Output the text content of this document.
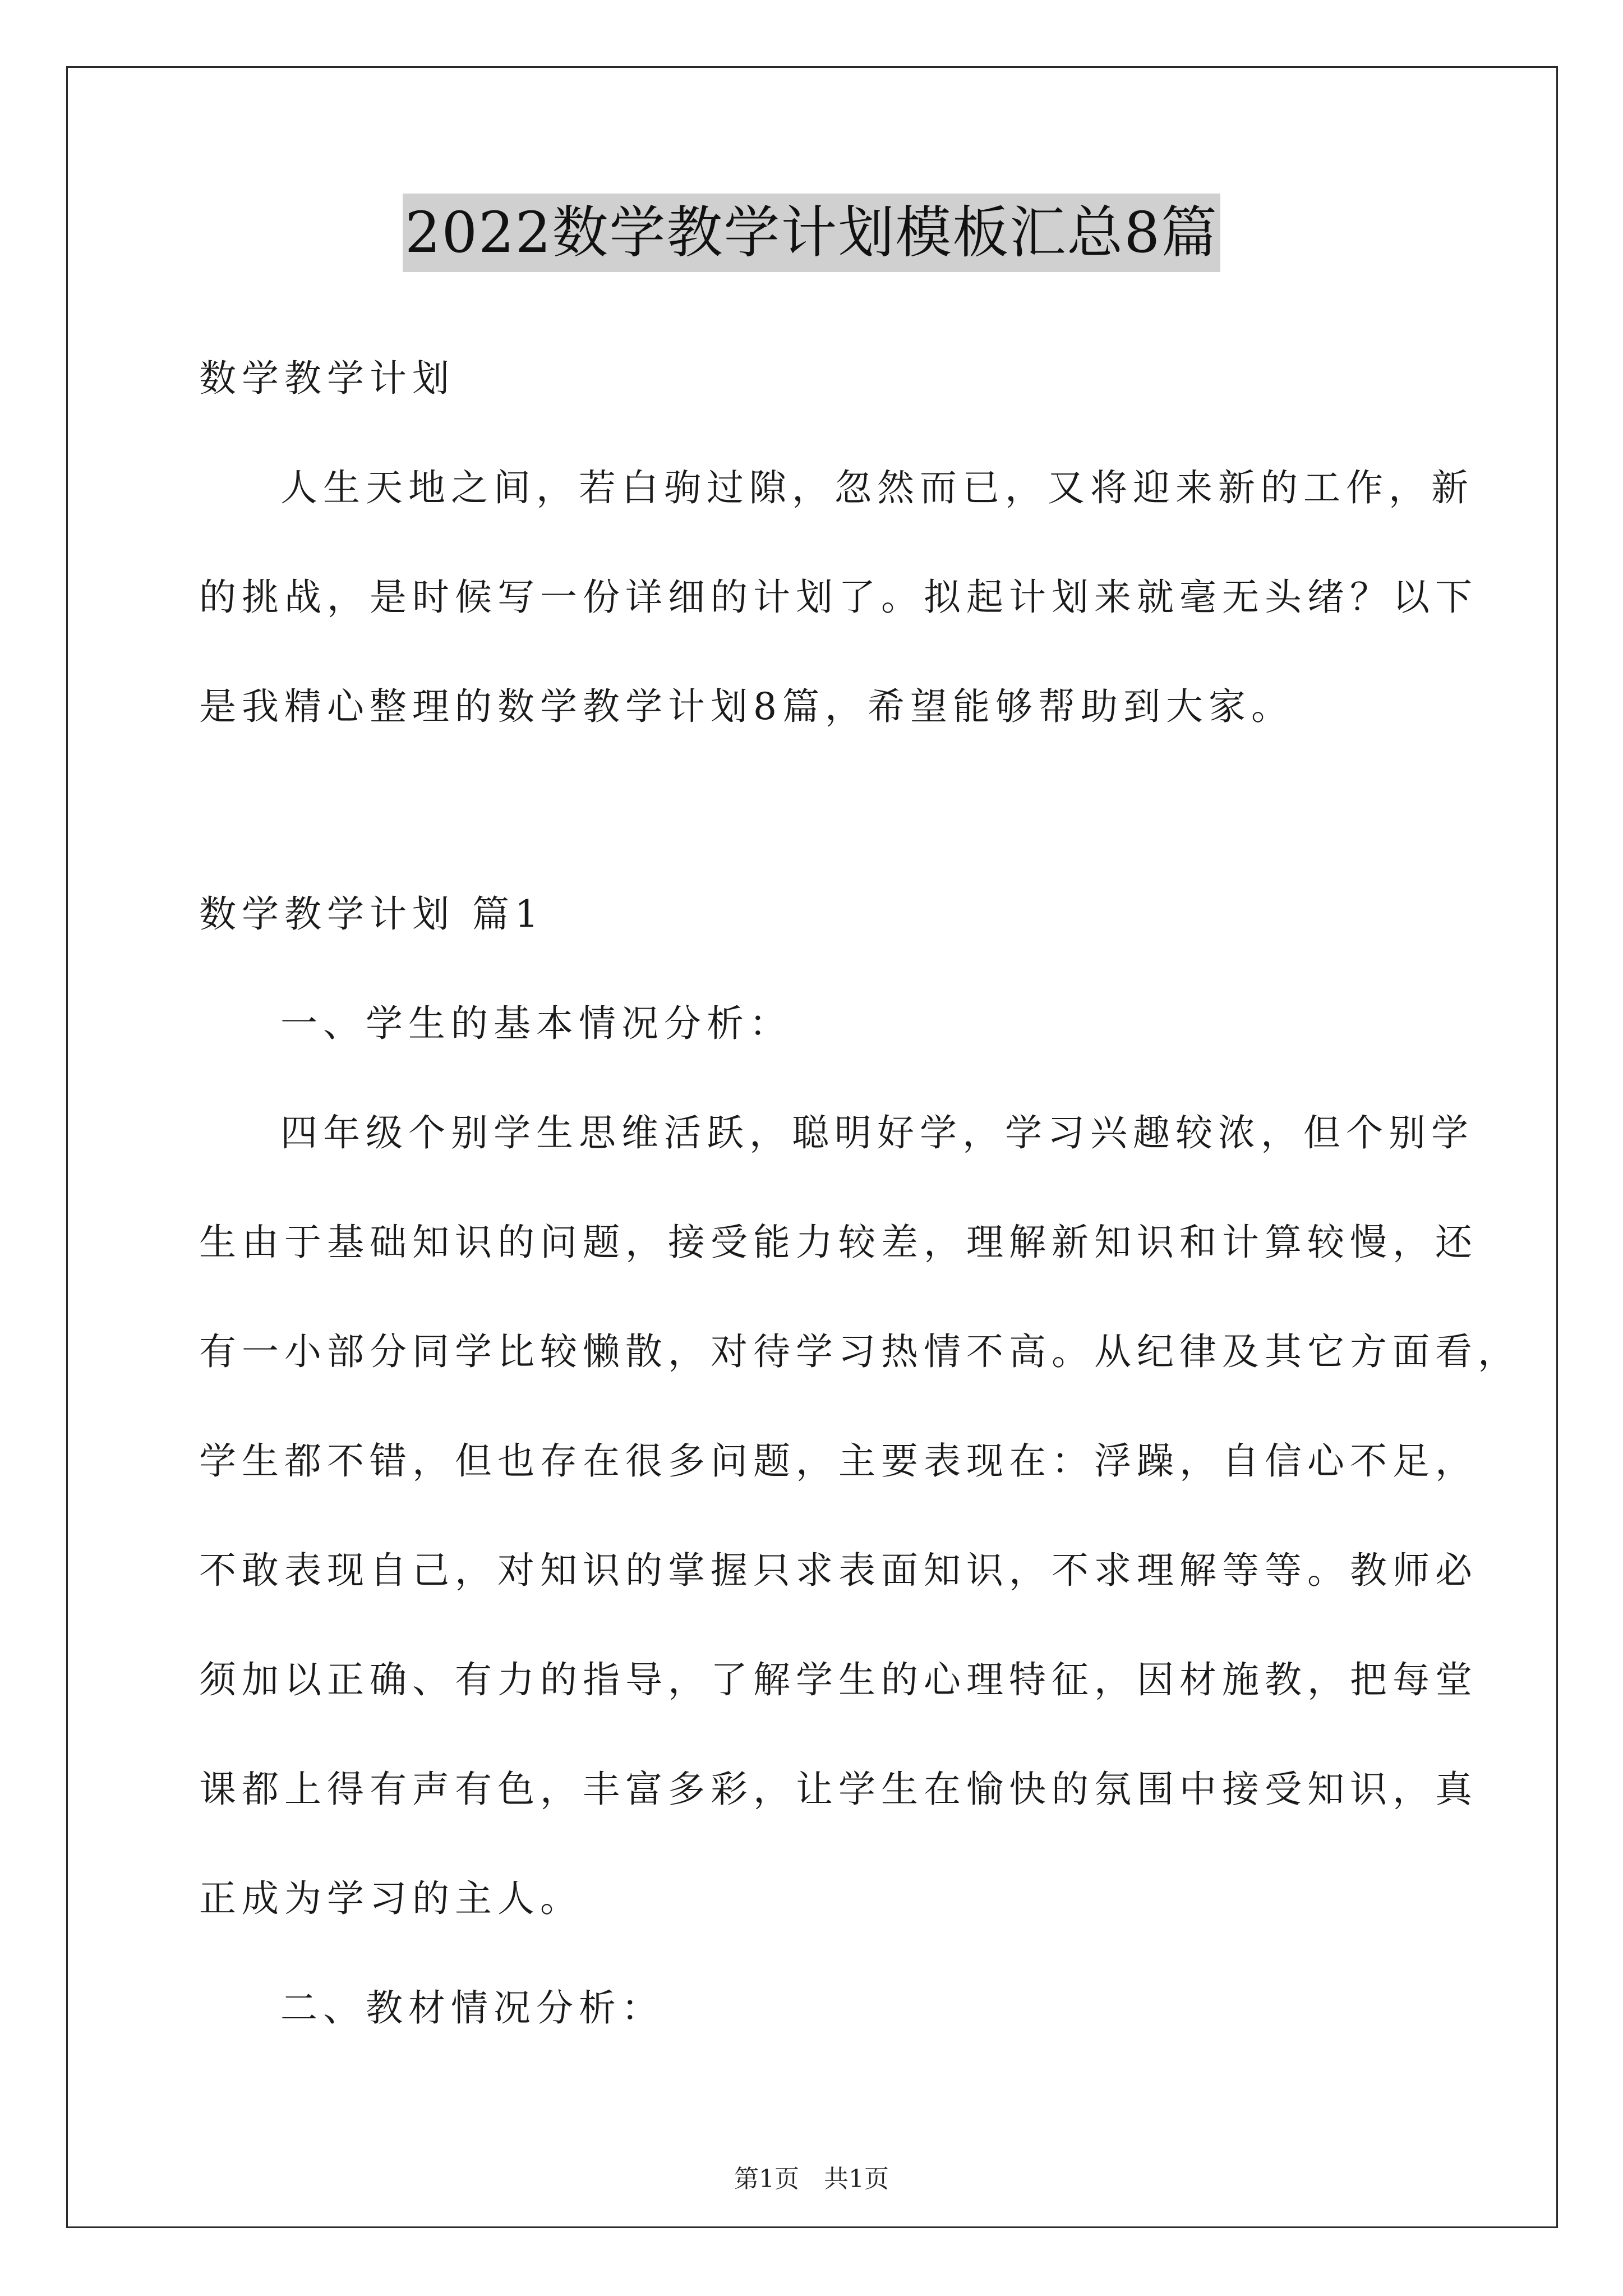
2022数学教学计划模板汇总8篇
数学教学计划
人生天地之间，若白驹过隙，忽然而已，又将迎来新的工作，新
的挑战，是时候写一份详细的计划了。拟起计划来就毫无头绪？以下
是我精心整理的数学教学计划8篇，希望能够帮助到大家。
数学教学计划 篇1
一、学生的基本情况分析：
四年级个别学生思维活跃，聪明好学，学习兴趣较浓，但个别学
生由于基础知识的问题，接受能力较差，理解新知识和计算较慢，还
有一小部分同学比较懒散，对待学习热情不高。从纪律及其它方面看，
学生都不错，但也存在很多问题，主要表现在：浮躁，自信心不足，
不敢表现自己，对知识的掌握只求表面知识，不求理解等等。教师必
须加以正确、有力的指导，了解学生的心理特征，因材施教，把每堂
课都上得有声有色，丰富多彩，让学生在愉快的氛围中接受知识，真
正成为学习的主人。
二、教材情况分析：
第1页　共1页
